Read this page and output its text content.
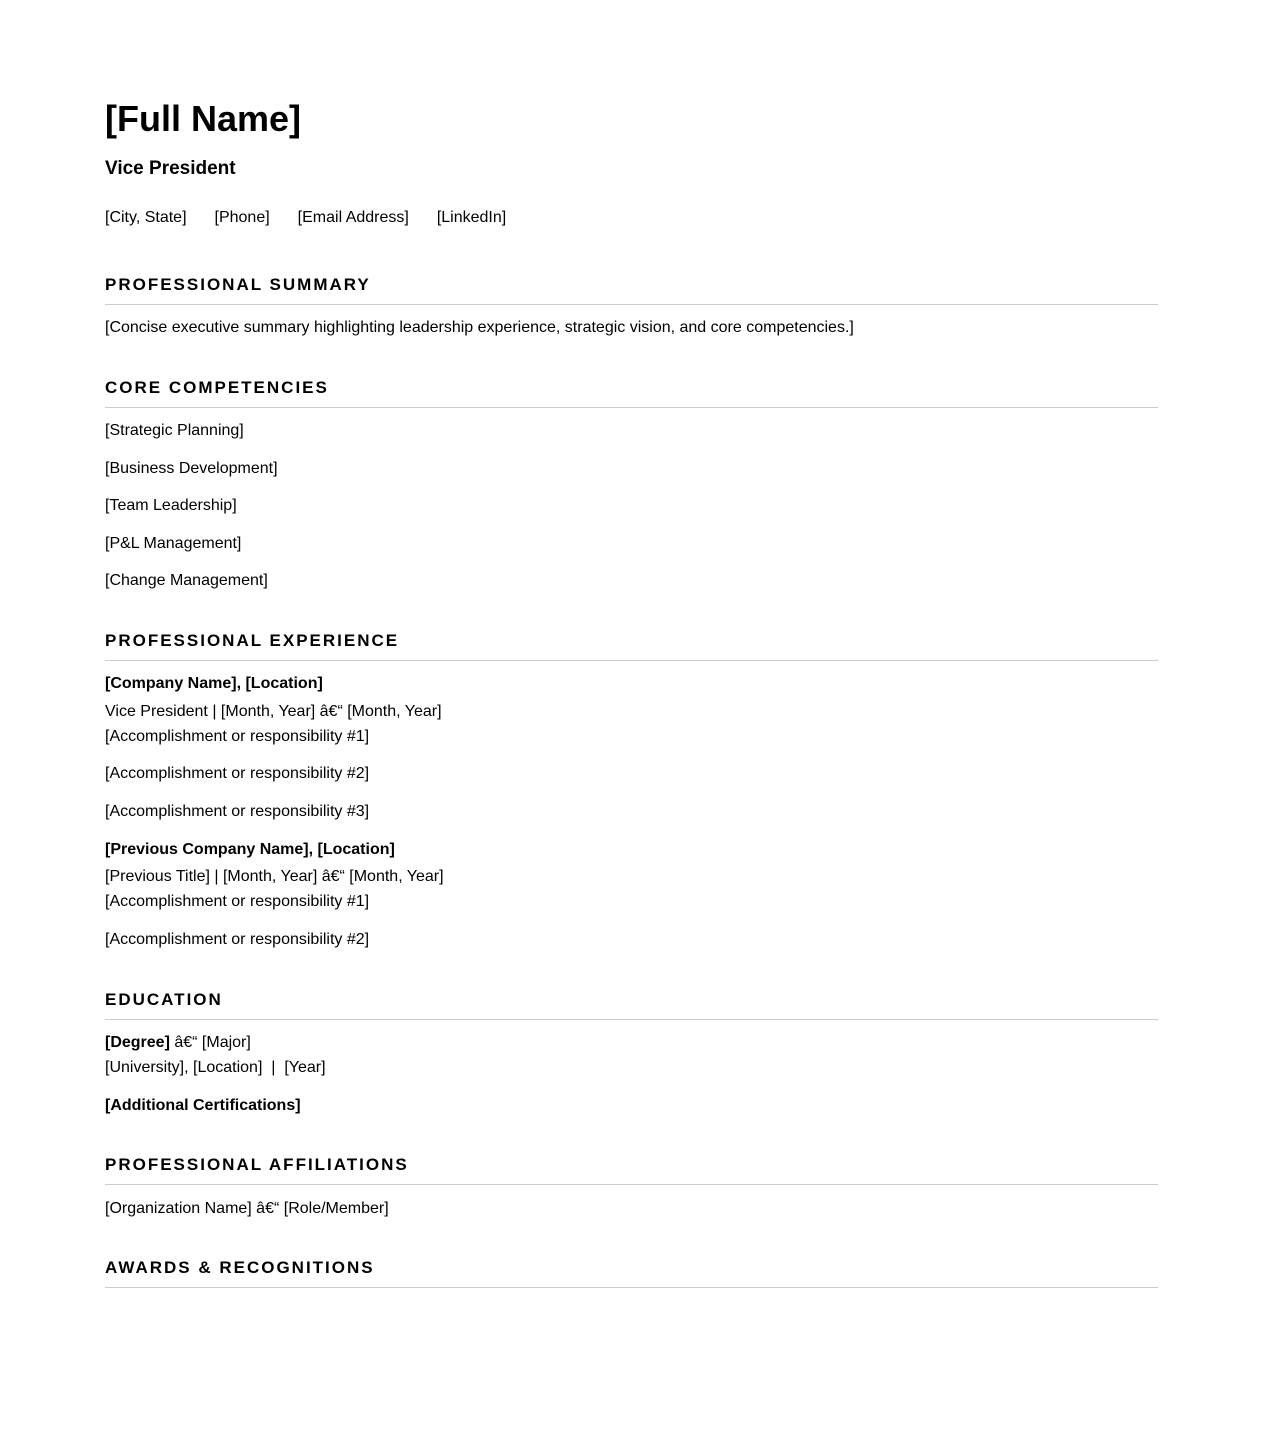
[Full Name]
Vice President
[City, State] [Phone] [Email Address] [LinkedIn]
PROFESSIONAL SUMMARY
[Concise executive summary highlighting leadership experience, strategic vision, and core competencies.]
CORE COMPETENCIES
[Strategic Planning]
[Business Development]
[Team Leadership]
[P&L Management]
[Change Management]
PROFESSIONAL EXPERIENCE
[Company Name], [Location]
Vice President | [Month, Year] â€“ [Month, Year]
[Accomplishment or responsibility #1]
[Accomplishment or responsibility #2]
[Accomplishment or responsibility #3]
[Previous Company Name], [Location]
[Previous Title] | [Month, Year] â€“ [Month, Year]
[Accomplishment or responsibility #1]
[Accomplishment or responsibility #2]
EDUCATION
[Degree] â€“ [Major]
[University], [Location]  |  [Year]
[Additional Certifications]
PROFESSIONAL AFFILIATIONS
[Organization Name] â€“ [Role/Member]
AWARDS & RECOGNITIONS
